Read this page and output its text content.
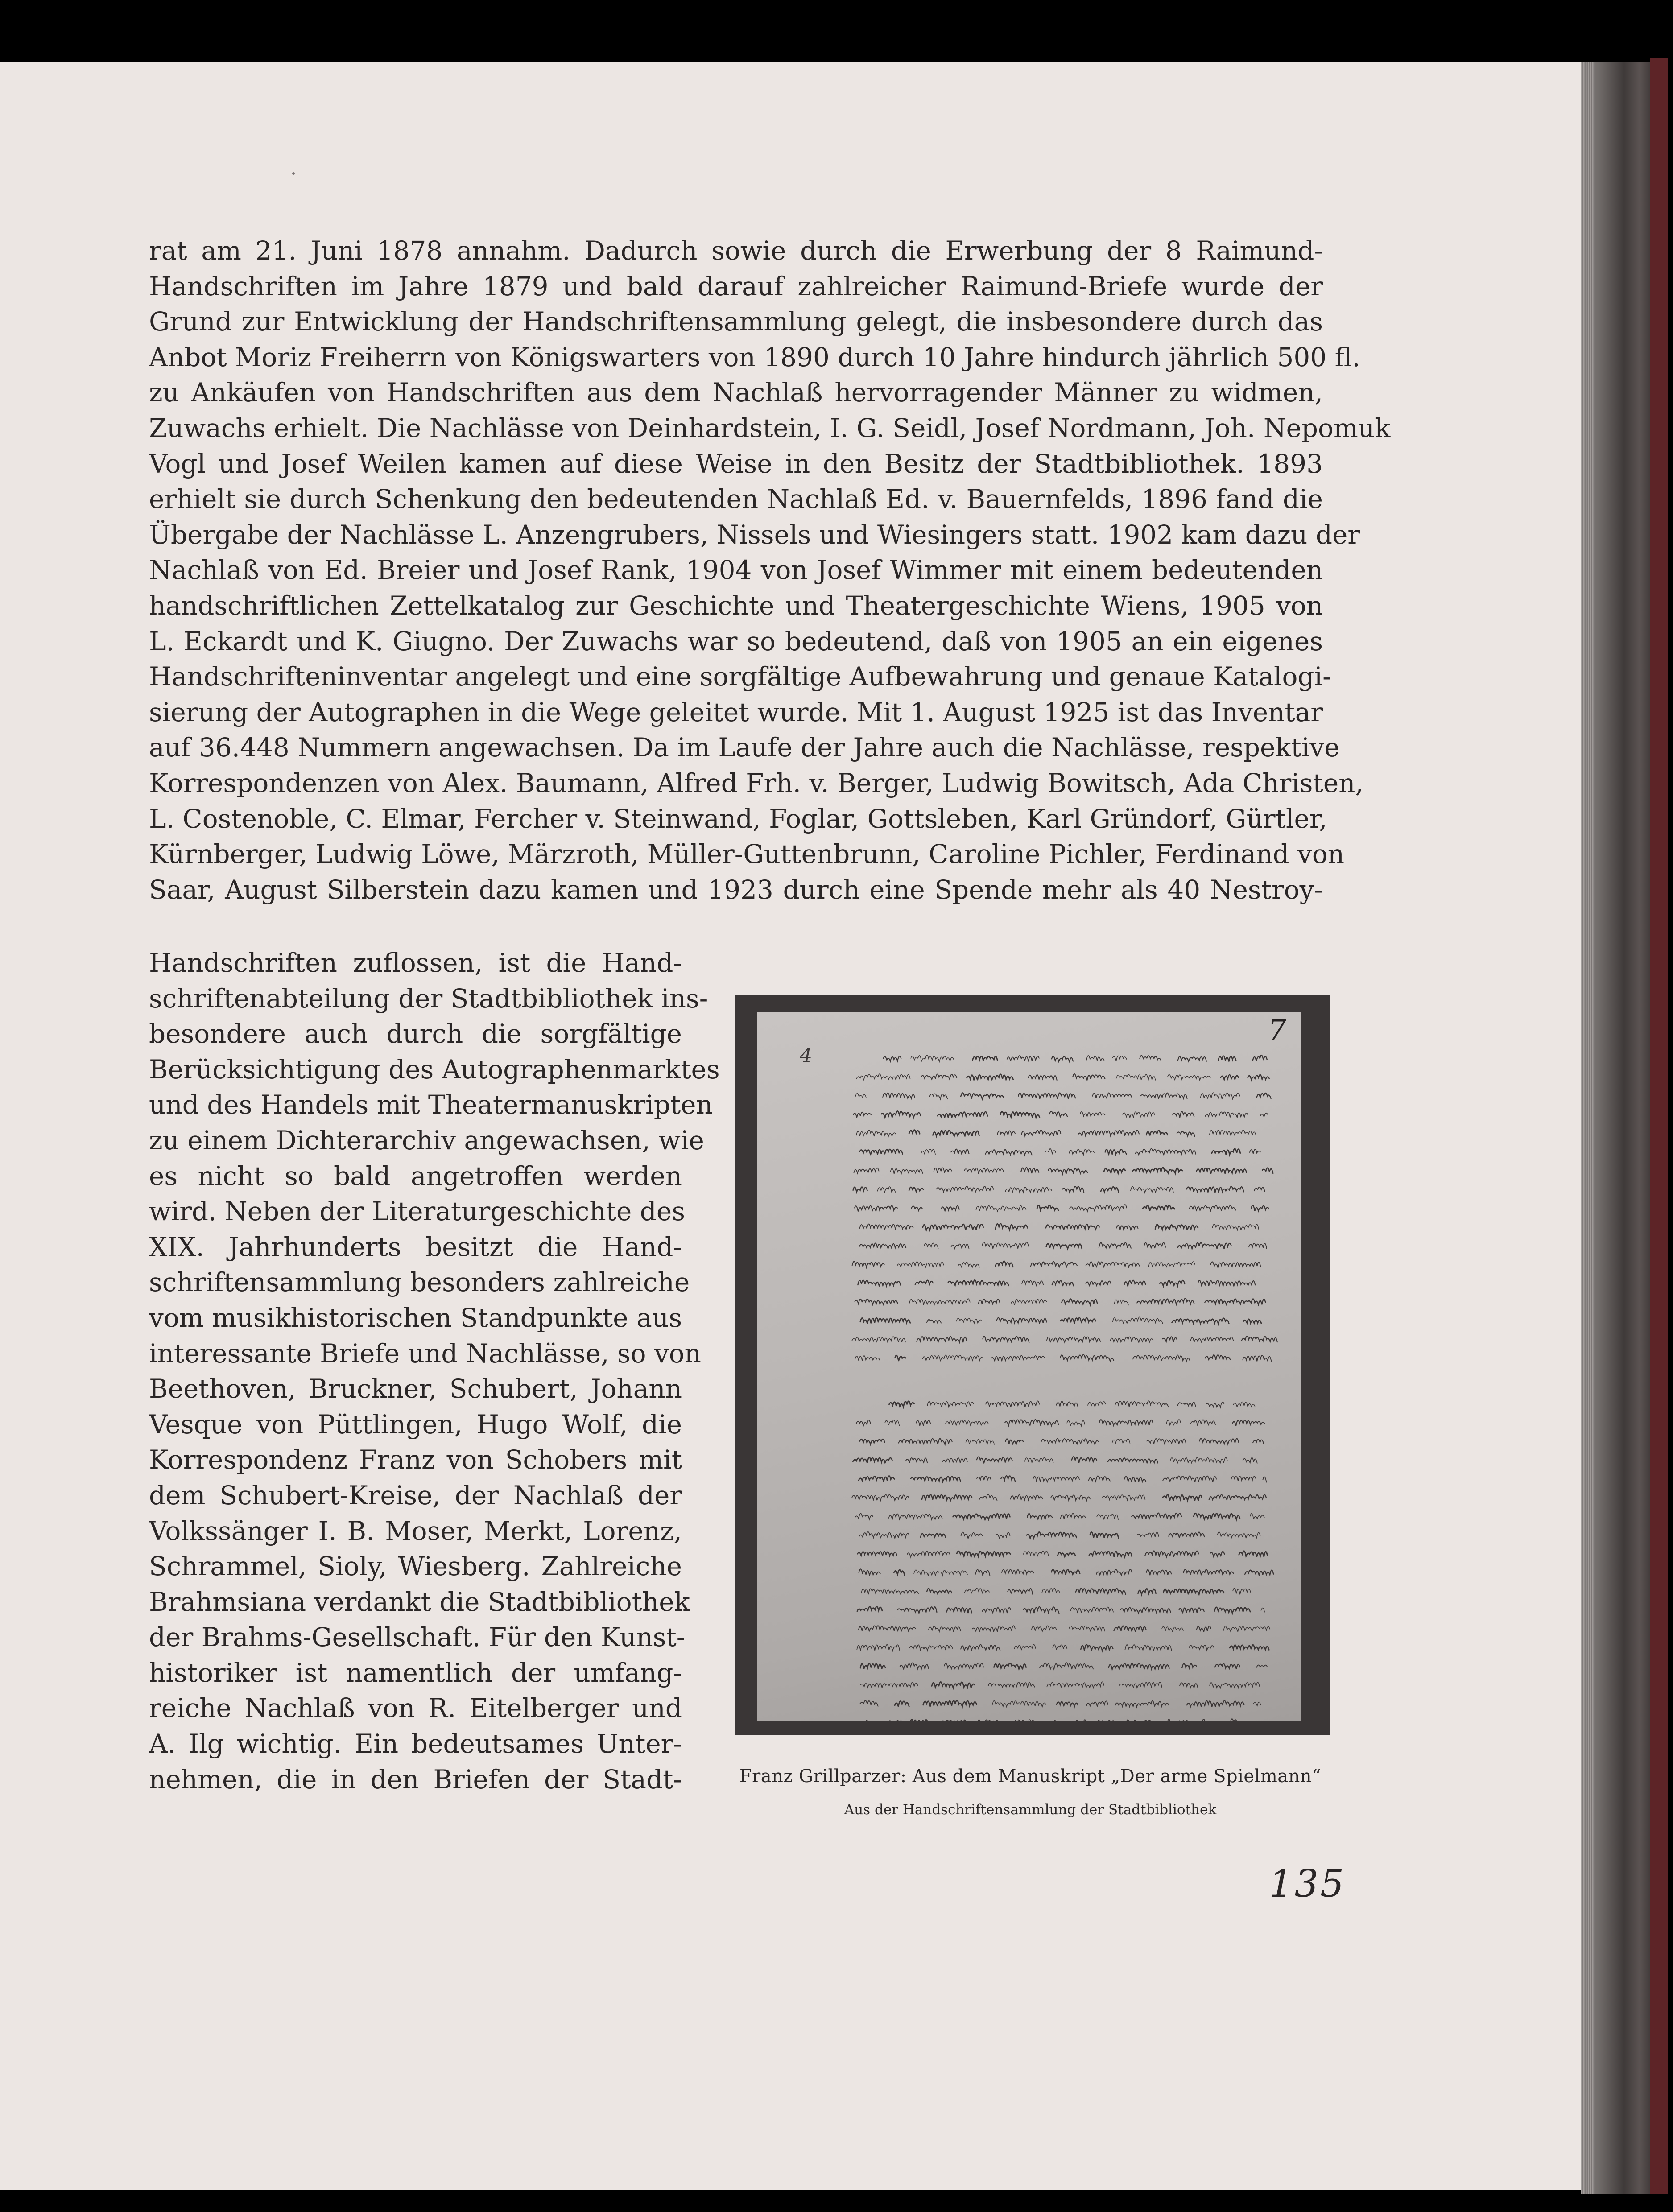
rat am 21. Juni 1878 annahm. Dadurch sowie durch die Erwerbung der 8 Raimund-

Handschriften im Jahre 1879 und bald darauf zahlreicher Raimund-Briefe wurde der

Grund zur Entwicklung der Handschriftensammlung gelegt, die insbesondere durch das

Anbot Moriz Freiherrn von Königswarters von 1890 durch 10 Jahre hindurch jährlich 500 fl.

zu Ankäufen von Handschriften aus dem Nachlaß hervorragender Männer zu widmen,

Zuwachs erhielt. Die Nachlässe von Deinhardstein, I. G. Seidl, Josef Nordmann, Joh. Nepomuk

Vogl und Josef Weilen kamen auf diese Weise in den Besitz der Stadtbibliothek. 1893

erhielt sie durch Schenkung den bedeutenden Nachlaß Ed. v. Bauernfelds, 1896 fand die

Übergabe der Nachlässe L. Anzengrubers, Nissels und Wiesingers statt. 1902 kam dazu der

Nachlaß von Ed. Breier und Josef Rank, 1904 von Josef Wimmer mit einem bedeutenden

handschriftlichen Zettelkatalog zur Geschichte und Theatergeschichte Wiens, 1905 von

L. Eckardt und K. Giugno. Der Zuwachs war so bedeutend, daß von 1905 an ein eigenes

Handschrifteninventar angelegt und eine sorgfältige Aufbewahrung und genaue Katalogi-

sierung der Autographen in die Wege geleitet wurde. Mit 1. August 1925 ist das Inventar

auf 36.448 Nummern angewachsen. Da im Laufe der Jahre auch die Nachlässe, respektive

Korrespondenzen von Alex. Baumann, Alfred Frh. v. Berger, Ludwig Bowitsch, Ada Christen,

L. Costenoble, C. Elmar, Fercher v. Steinwand, Foglar, Gottsleben, Karl Gründorf, Gürtler,

Kürnberger, Ludwig Löwe, Märzroth, Müller-Guttenbrunn, Caroline Pichler, Ferdinand von

Saar, August Silberstein dazu kamen und 1923 durch eine Spende mehr als 40 Nestroy-

Handschriften zuflossen, ist die Hand-

schriftenabteilung der Stadtbibliothek ins-

besondere auch durch die sorgfältige

Berücksichtigung des Autographenmarktes

und des Handels mit Theatermanuskripten

zu einem Dichterarchiv angewachsen, wie

es nicht so bald angetroffen werden

wird. Neben der Literaturgeschichte des

XIX. Jahrhunderts besitzt die Hand-

schriftensammlung besonders zahlreiche

vom musikhistorischen Standpunkte aus

interessante Briefe und Nachlässe, so von

Beethoven, Bruckner, Schubert, Johann

Vesque von Püttlingen, Hugo Wolf, die

Korrespondenz Franz von Schobers mit

dem Schubert-Kreise, der Nachlaß der

Volkssänger I. B. Moser, Merkt, Lorenz,

Schrammel, Sioly, Wiesberg. Zahlreiche

Brahmsiana verdankt die Stadtbibliothek

der Brahms-Gesellschaft. Für den Kunst-

historiker ist namentlich der umfang-

reiche Nachlaß von R. Eitelberger und

A. Ilg wichtig. Ein bedeutsames Unter-

nehmen, die in den Briefen der Stadt-

4
7
Franz Grillparzer: Aus dem Manuskript „Der arme Spielmann“
Aus der Handschriftensammlung der Stadtbibliothek
135
